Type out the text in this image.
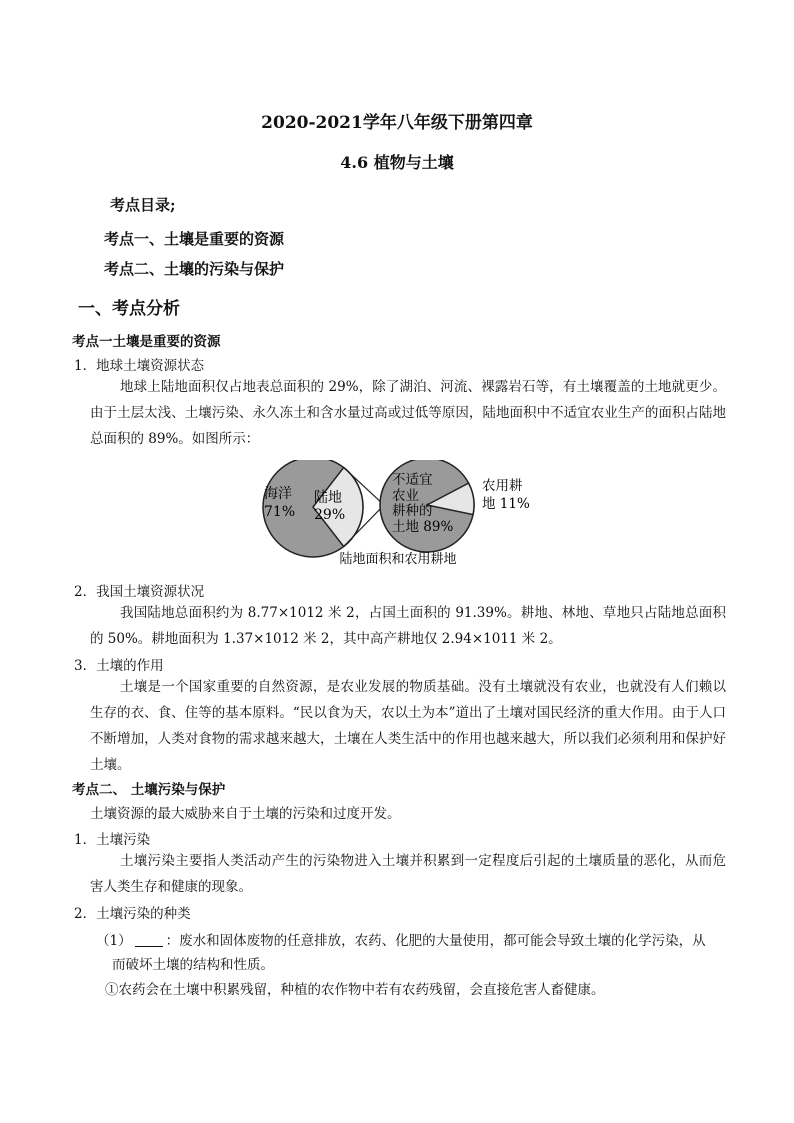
2020-2021学年八年级下册第四章
4.6 植物与土壤
考点目录;
考点一、土壤是重要的资源
考点二、土壤的污染与保护
一、考点分析
考点一土壤是重要的资源
1．地球土壤资源状态
地球上陆地面积仅占地表总面积的 29%，除了湖泊、河流、裸露岩石等，有土壤覆盖的土地就更少。由于土层太浅、土壤污染、永久冻土和含水量过高或过低等原因，陆地面积中不适宜农业生产的面积占陆地总面积的 89%。如图所示：
海洋
71%
陆地
29%
不适宜
农业
耕种的
土地 89%
农用耕
地 11%
陆地面积和农用耕地
2．我国土壤资源状况
我国陆地总面积约为 8.77×1012 米 2，占国土面积的 91.39%。耕地、林地、草地只占陆地总面积的 50%。耕地面积为 1.37×1012 米 2，其中高产耕地仅 2.94×1011 米 2。
3．土壤的作用
土壤是一个国家重要的自然资源，是农业发展的物质基础。没有土壤就没有农业，也就没有人们赖以生存的衣、食、住等的基本原料。“民以食为天，农以土为本”道出了土壤对国民经济的重大作用。由于人口不断增加，人类对食物的需求越来越大，土壤在人类生活中的作用也越来越大，所以我们必须利用和保护好土壤。
考点二、 土壤污染与保护
土壤资源的最大威胁来自于土壤的污染和过度开发。
1．土壤污染
土壤污染主要指人类活动产生的污染物进入土壤并积累到一定程度后引起的土壤质量的恶化，从而危害人类生存和健康的现象。
2．土壤污染的种类
（1）	：废水和固体废物的任意排放，农药、化肥的大量使用，都可能会导致土壤的化学污染，从
而破坏土壤的结构和性质。
①农药会在土壤中积累残留，种植的农作物中若有农药残留，会直接危害人畜健康。
